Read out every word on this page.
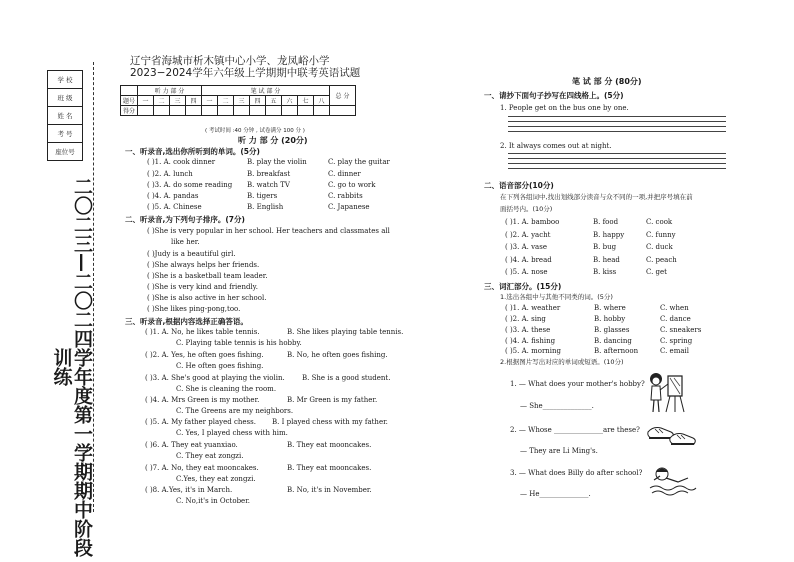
学 校
班 级
姓 名
考 号
座位号
二〇二三—二〇二四学年度第一学期期中阶段训练
辽宁省海城市析木镇中心小学、龙凤峪小学
2023−2024学年六年级上学期期中联考英语试题
	听 力 部 分				笔 试 部 分								总 分
题号	一	二	三	四	一	二	三	四	五	六	七	八	
得分													
( 考试时间 :40 分钟 , 试卷满分 100 分 )
听 力 部 分 (20分)
一、听录音,选出你所听到的单词。(5分)
( )1. A. cook dinner	B. play the violin	C. play the guitar
( )2. A. lunch	B. breakfast	C. dinner
( )3. A. do some reading B. watch TV	C. go to work
( )4. A. pandas	B. tigers	C. rabbits
( )5. A. Chinese	B. English	C. Japanese
二、听录音,为下列句子排序。(7分)
( )She is very popular in her school. Her teachers and classmates all
like her.
( )Judy is a beautiful girl.
( )She always helps her friends.
( )She is a basketball team leader.
( )She is very kind and friendly.
( )She is also active in her school.
( )She likes ping-pong,too.
三、听录音,根据内容选择正确答语。
( )1. A. No, he likes table tennis.	B. She likes playing table tennis.
C. Playing table tennis is his hobby.
( )2. A. Yes, he often goes fishing.	B. No, he often goes fishing.
C. He often goes fishing.
( )3. A. She's good at playing the violin. B. She is a good student.
C. She is cleaning the room.
( )4. A. Mrs Green is my mother.	B. Mr Green is my father.
C. The Greens are my neighbors.
( )5. A. My father played chess. B. I played chess with my father.
C. Yes, I played chess with him.
( )6. A. They eat yuanxiao.	B. They eat mooncakes.
C. They eat zongzi.
( )7. A. No, they eat mooncakes.	B. They eat mooncakes.
C.Yes, they eat zongzi.
( )8. A.Yes, it's in March.	B. No, it's in November.
C. No,it's in October.
笔 试 部 分 (80分)
一、请抄下面句子抄写在四线格上。(5分)
1. People get on the bus one by one.
2. It always comes out at night.
二、语音部分(10分)
在下列各组词中,找出划线部分读音与众不同的一项,并把序号填在前
面括号内。(10分)
( )1. A. bamboo	B. food	C. cook
( )2. A. yacht	B. happy	C. funny
( )3. A. vase	B. bug	C. duck
( )4. A. bread	B. head	C. peach
( )5. A. nose	B. kiss	C. get
三、词汇部分。(15分)
1.选出各组中与其他不同类的词。(5分)
( )1. A. weather	B. where	C. when
( )2. A. sing	B. hobby	C. dance
( )3. A. these	B. glasses	C. sneakers
( )4. A. fishing	B. dancing	C. spring
( )5. A. morning	B. afternoon	C. email
2.根据图片写出对应的单词或短语。(10分)
1. — What does your mother's hobby?
— She______________.
2. — Whose ______________are these?
— They are Li Ming's.
3. — What does Billy do after school?
— He______________.
